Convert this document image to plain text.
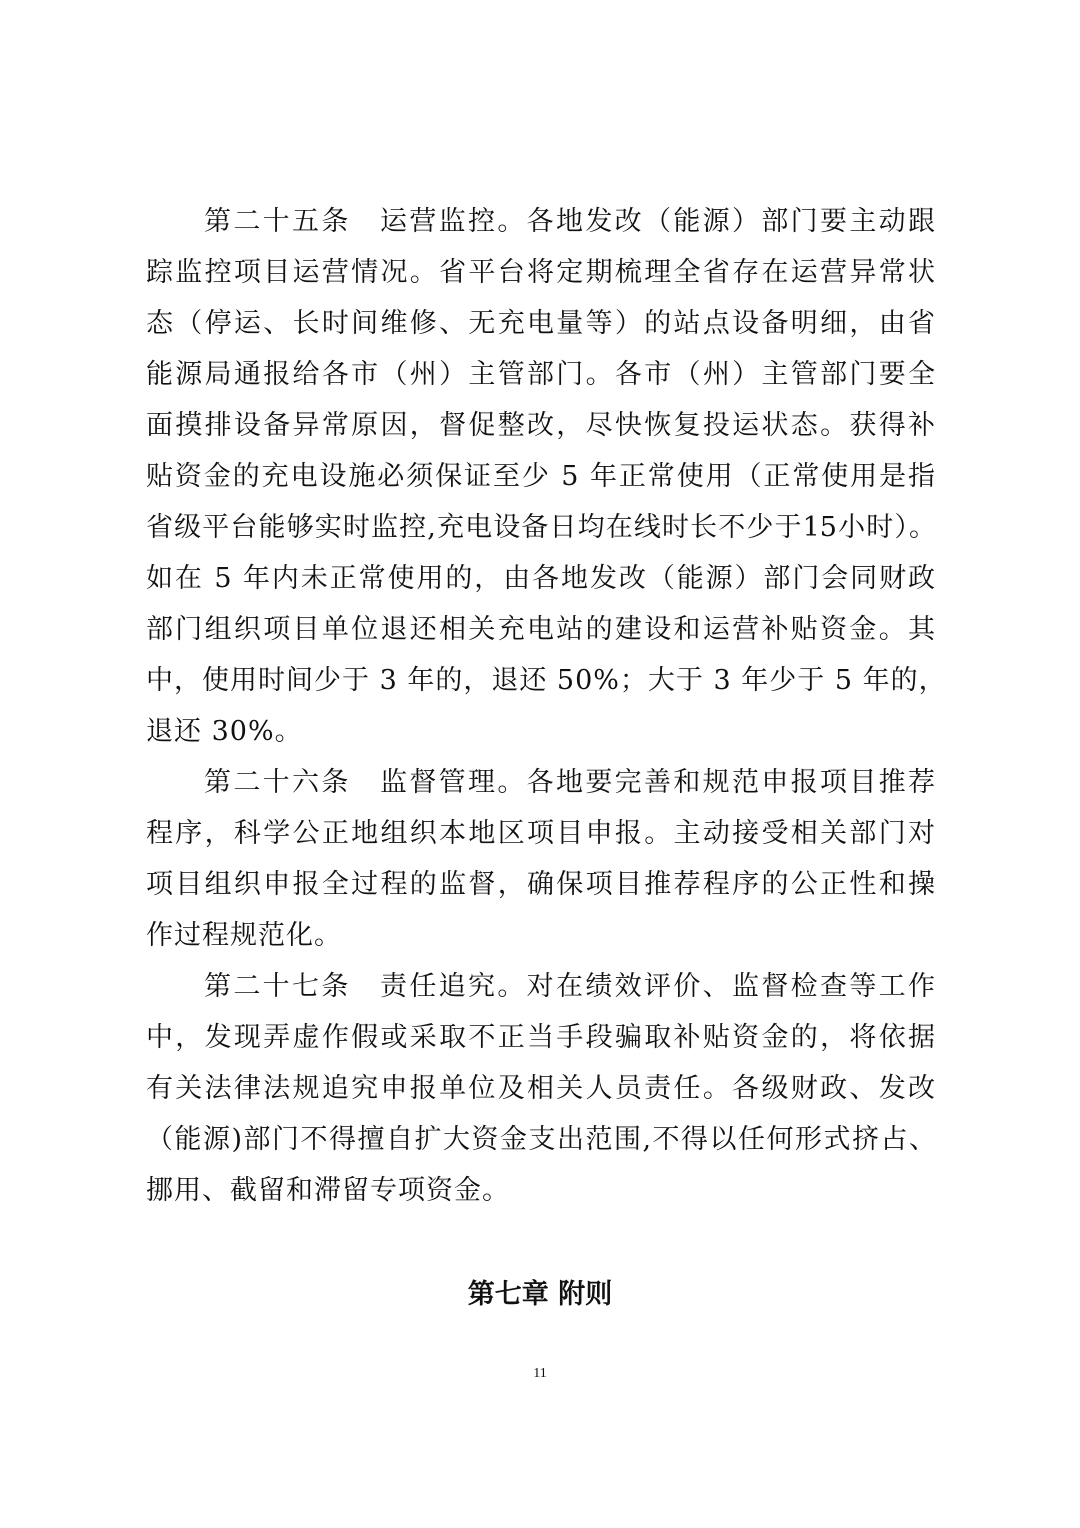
第二十五条　运营监控。各地发改（能源）部门要主动跟
踪监控项目运营情况。省平台将定期梳理全省存在运营异常状
态（停运、长时间维修、无充电量等）的站点设备明细，由省
能源局通报给各市（州）主管部门。各市（州）主管部门要全
面摸排设备异常原因，督促整改，尽快恢复投运状态。获得补
贴资金的充电设施必须保证至少 5 年正常使用（正常使用是指
省级平台能够实时监控,充电设备日均在线时长不少于15小时）。
如在 5 年内未正常使用的，由各地发改（能源）部门会同财政
部门组织项目单位退还相关充电站的建设和运营补贴资金。其
中，使用时间少于 3 年的，退还 50%；大于 3 年少于 5 年的，
退还 30%。
第二十六条　监督管理。各地要完善和规范申报项目推荐
程序，科学公正地组织本地区项目申报。主动接受相关部门对
项目组织申报全过程的监督，确保项目推荐程序的公正性和操
作过程规范化。
第二十七条　责任追究。对在绩效评价、监督检查等工作
中，发现弄虚作假或采取不正当手段骗取补贴资金的，将依据
有关法律法规追究申报单位及相关人员责任。各级财政、发改
（能源)部门不得擅自扩大资金支出范围,不得以任何形式挤占、
挪用、截留和滞留专项资金。
第七章 附则
11
